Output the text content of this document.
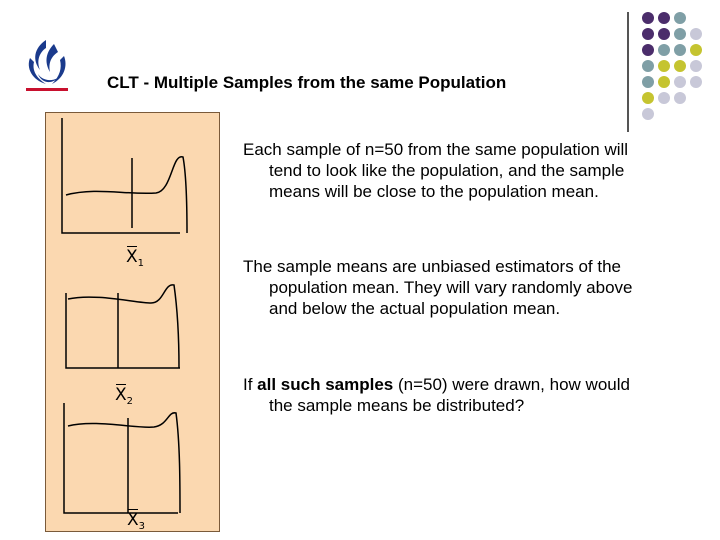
CLT - Multiple Samples from the same Population
$X_1$
$X_2$
$X_3$

Each sample of n=50 from the same population will tend to look like the population, and the sample means will be close to the population mean.

The sample means are unbiased estimators of the population mean. They will vary randomly above and below the actual population mean.

If all such samples (n=50) were drawn, how would the sample means be distributed?
